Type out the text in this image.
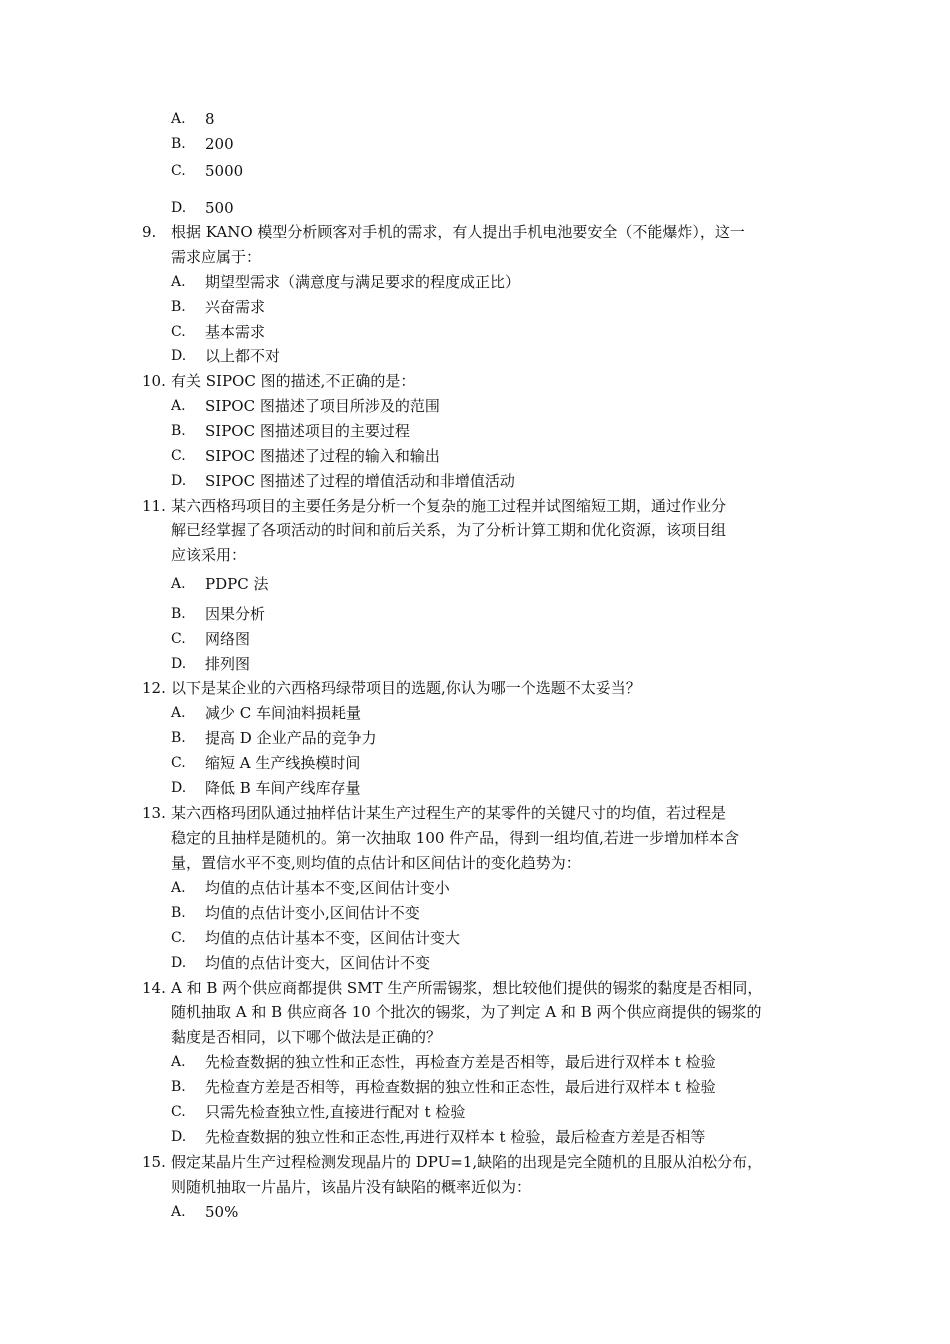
A. 8
B. 200
C. 5000
D. 500
9. 根据 KANO 模型分析顾客对手机的需求，有人提出手机电池要安全（不能爆炸），这一
需求应属于：
A. 期望型需求（满意度与满足要求的程度成正比）
B. 兴奋需求
C. 基本需求
D. 以上都不对
10. 有关 SIPOC 图的描述,不正确的是：
A. SIPOC 图描述了项目所涉及的范围
B. SIPOC 图描述项目的主要过程
C. SIPOC 图描述了过程的输入和输出
D. SIPOC 图描述了过程的增值活动和非增值活动
11. 某六西格玛项目的主要任务是分析一个复杂的施工过程并试图缩短工期，通过作业分
解已经掌握了各项活动的时间和前后关系，为了分析计算工期和优化资源，该项目组
应该采用：
A. PDPC 法
B. 因果分析
C. 网络图
D. 排列图
12. 以下是某企业的六西格玛绿带项目的选题,你认为哪一个选题不太妥当？
A. 减少 C 车间油料损耗量
B. 提高 D 企业产品的竞争力
C. 缩短 A 生产线换模时间
D. 降低 B 车间产线库存量
13. 某六西格玛团队通过抽样估计某生产过程生产的某零件的关键尺寸的均值，若过程是
稳定的且抽样是随机的。第一次抽取 100 件产品，得到一组均值,若进一步增加样本含
量，置信水平不变,则均值的点估计和区间估计的变化趋势为：
A. 均值的点估计基本不变,区间估计变小
B. 均值的点估计变小,区间估计不变
C. 均值的点估计基本不变，区间估计变大
D. 均值的点估计变大，区间估计不变
14. A 和 B 两个供应商都提供 SMT 生产所需锡浆，想比较他们提供的锡浆的黏度是否相同，
随机抽取 A 和 B 供应商各 10 个批次的锡浆，为了判定 A 和 B 两个供应商提供的锡浆的
黏度是否相同，以下哪个做法是正确的？
A. 先检查数据的独立性和正态性，再检查方差是否相等，最后进行双样本 t 检验
B. 先检查方差是否相等，再检查数据的独立性和正态性，最后进行双样本 t 检验
C. 只需先检查独立性,直接进行配对 t 检验
D. 先检查数据的独立性和正态性,再进行双样本 t 检验，最后检查方差是否相等
15. 假定某晶片生产过程检测发现晶片的 DPU=1,缺陷的出现是完全随机的且服从泊松分布，
则随机抽取一片晶片，该晶片没有缺陷的概率近似为：
A. 50%
